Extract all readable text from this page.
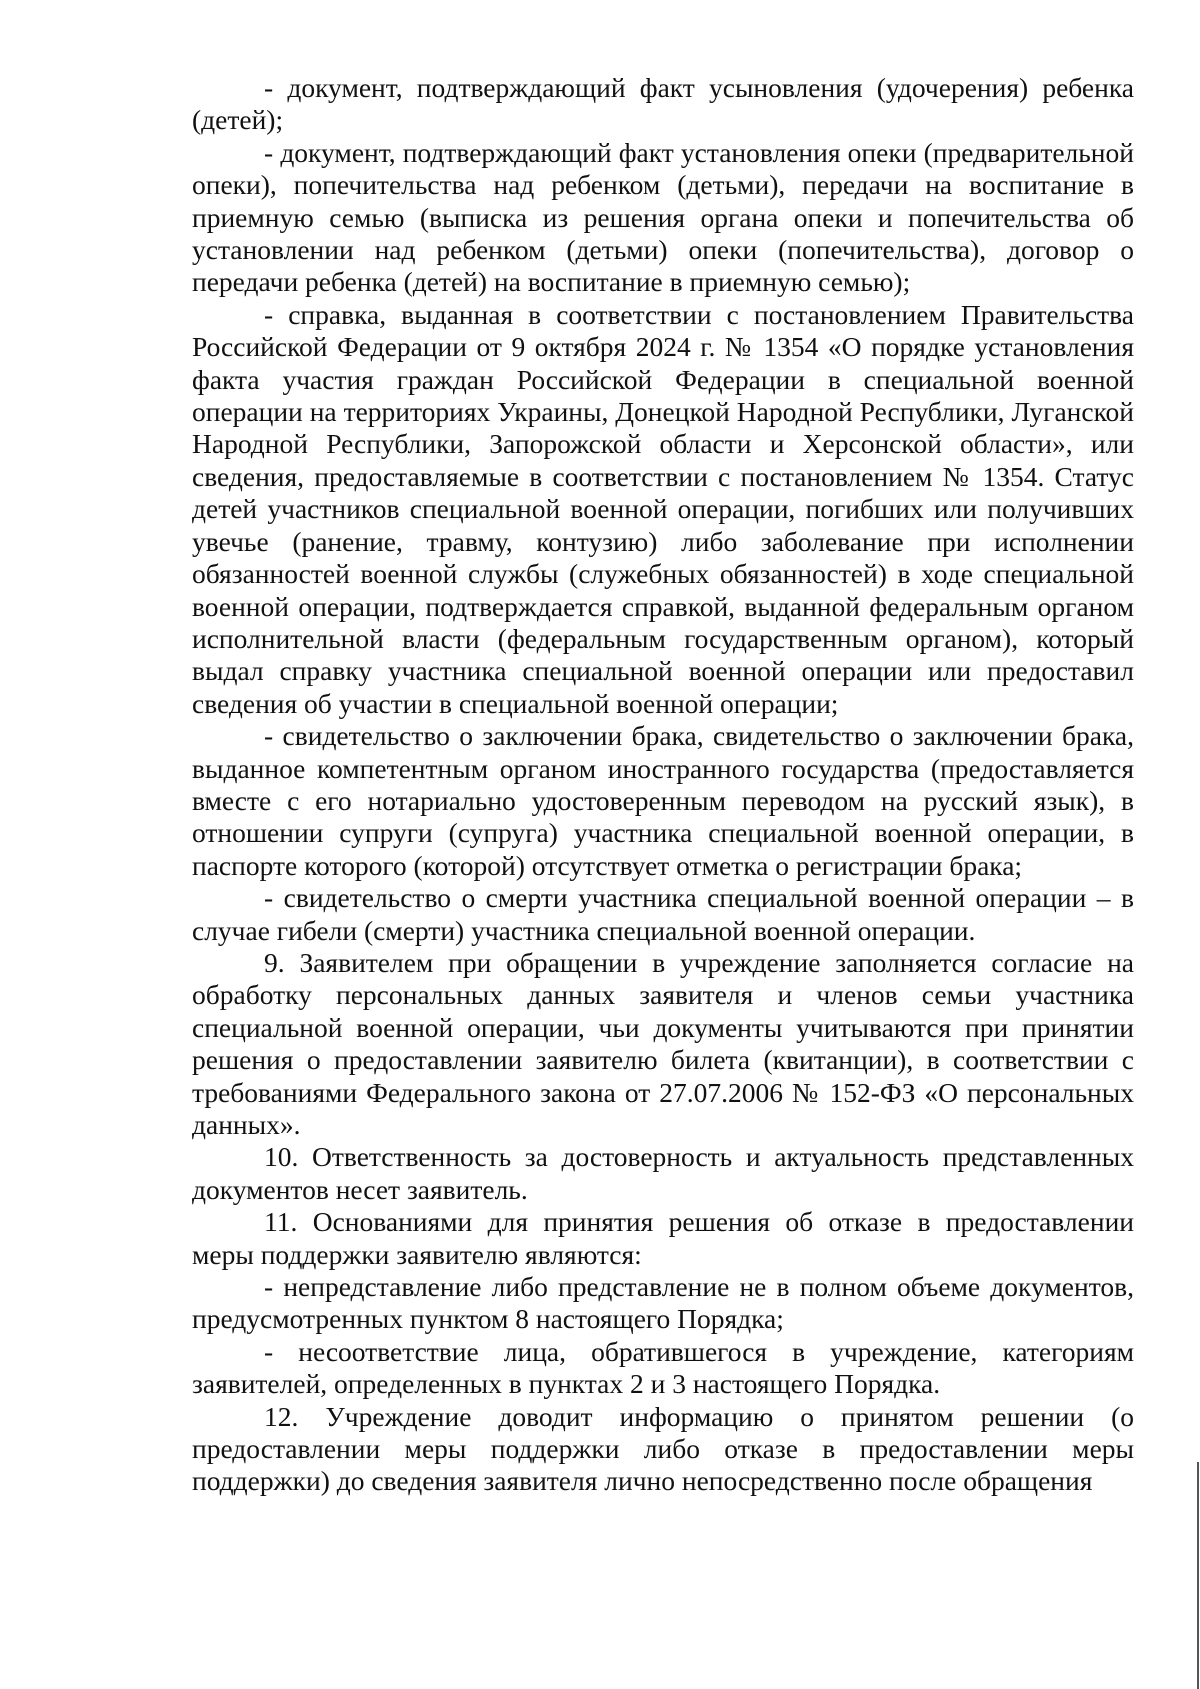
- документ, подтверждающий факт усыновления (удочерения) ребенка (детей);

- документ, подтверждающий факт установления опеки (предварительной опеки), попечительства над ребенком (детьми), передачи на воспитание в приемную семью (выписка из решения органа опеки и попечительства об установлении над ребенком (детьми) опеки (попечительства), договор о передачи ребенка (детей) на воспитание в приемную семью);

- справка, выданная в соответствии с постановлением Правительства Российской Федерации от 9 октября 2024 г. № 1354 «О порядке установления факта участия граждан Российской Федерации в специальной военной операции на территориях Украины, Донецкой Народной Республики, Луганской Народной Республики, Запорожской области и Херсонской области», или сведения, предоставляемые в соответствии с постановлением № 1354. Статус детей участников специальной военной операции, погибших или получивших увечье (ранение, травму, контузию) либо заболевание при исполнении обязанностей военной службы (служебных обязанностей) в ходе специальной военной операции, подтверждается справкой, выданной федеральным органом исполнительной власти (федеральным государственным органом), который выдал справку участника специальной военной операции или предоставил сведения об участии в специальной военной операции;

- свидетельство о заключении брака, свидетельство о заключении брака, выданное компетентным органом иностранного государства (предоставляется вместе с его нотариально удостоверенным переводом на русский язык), в отношении супруги (супруга) участника специальной военной операции, в паспорте которого (которой) отсутствует отметка о регистрации брака;

- свидетельство о смерти участника специальной военной операции – в случае гибели (смерти) участника специальной военной операции.

9. Заявителем при обращении в учреждение заполняется согласие на обработку персональных данных заявителя и членов семьи участника специальной военной операции, чьи документы учитываются при принятии решения о предоставлении заявителю билета (квитанции), в соответствии с требованиями Федерального закона от 27.07.2006 № 152-ФЗ «О персональных данных».

10. Ответственность за достоверность и актуальность представленных документов несет заявитель.

11. Основаниями для принятия решения об отказе в предоставлении меры поддержки заявителю являются:

- непредставление либо представление не в полном объеме документов, предусмотренных пунктом 8 настоящего Порядка;

- несоответствие лица, обратившегося в учреждение, категориям заявителей, определенных в пунктах 2 и 3 настоящего Порядка.

12. Учреждение доводит информацию о принятом решении (о предоставлении меры поддержки либо отказе в предоставлении меры поддержки) до сведения заявителя лично непосредственно после обращения
